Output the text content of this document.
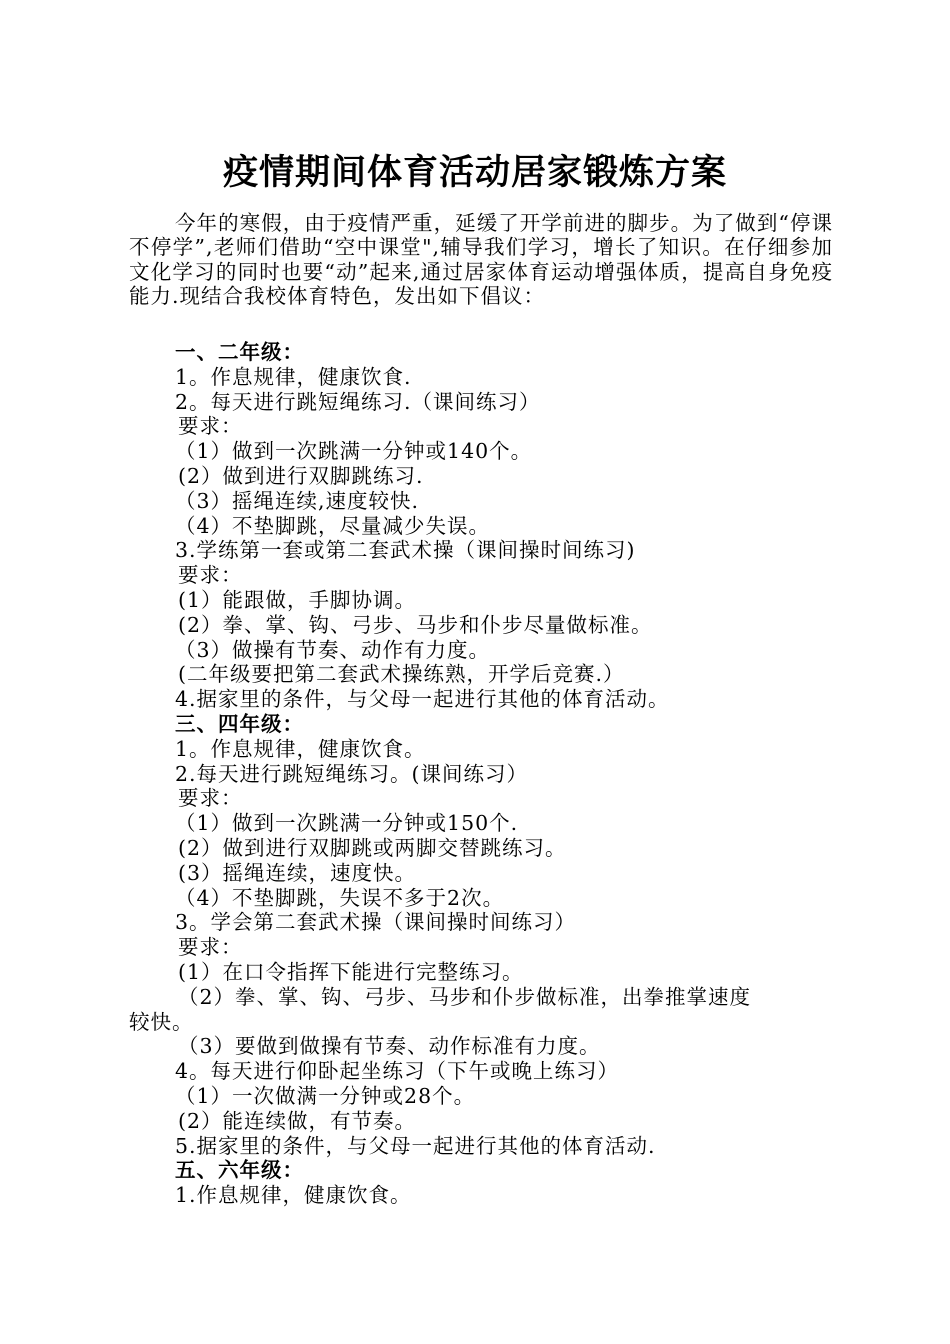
疫情期间体育活动居家锻炼方案

今年的寒假，由于疫情严重，延缓了开学前进的脚步。为了做到“停课不停学”,老师们借助“空中课堂",辅导我们学习，增长了知识。在仔细参加文化学习的同时也要“动”起来,通过居家体育运动增强体质，提高自身免疫能力.现结合我校体育特色，发出如下倡议：

一、二年级：
1。作息规律，健康饮食.
2。每天进行跳短绳练习.（课间练习）
要求：
（1）做到一次跳满一分钟或140个。
(2）做到进行双脚跳练习.
（3）摇绳连续,速度较快.
（4）不垫脚跳，尽量减少失误。
3.学练第一套或第二套武术操（课间操时间练习)
要求：
(1）能跟做，手脚协调。
(2）拳、掌、钩、弓步、马步和仆步尽量做标准。
（3）做操有节奏、动作有力度。
(二年级要把第二套武术操练熟，开学后竞赛.）
4.据家里的条件，与父母一起进行其他的体育活动。
三、四年级：
1。作息规律，健康饮食。
2.每天进行跳短绳练习。(课间练习）
要求：
（1）做到一次跳满一分钟或150个.
(2）做到进行双脚跳或两脚交替跳练习。
(3）摇绳连续，速度快。
（4）不垫脚跳，失误不多于2次。
3。学会第二套武术操（课间操时间练习）
要求：
(1）在口令指挥下能进行完整练习。
（2）拳、掌、钩、弓步、马步和仆步做标准，出拳推掌速度
较快。
（3）要做到做操有节奏、动作标准有力度。
4。每天进行仰卧起坐练习（下午或晚上练习）
（1）一次做满一分钟或28个。
(2）能连续做，有节奏。
5.据家里的条件，与父母一起进行其他的体育活动.
五、六年级：
1.作息规律，健康饮食。
